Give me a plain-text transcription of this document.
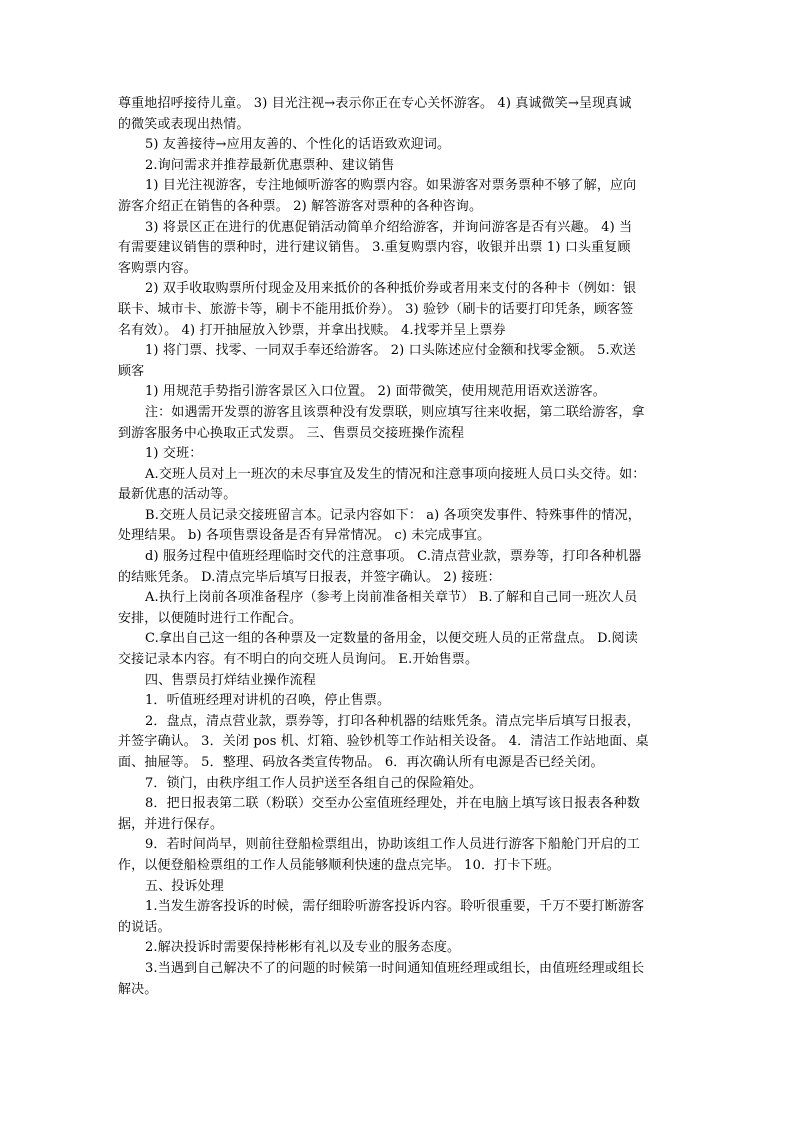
尊重地招呼接待儿童。 3) 目光注视→表示你正在专心关怀游客。 4) 真诚微笑→呈现真诚
的微笑或表现出热情。
5) 友善接待→应用友善的、个性化的话语致欢迎词。
2.询问需求并推荐最新优惠票种、建议销售
1) 目光注视游客，专注地倾听游客的购票内容。如果游客对票务票种不够了解，应向
游客介绍正在销售的各种票。 2) 解答游客对票种的各种咨询。
3) 将景区正在进行的优惠促销活动简单介绍给游客，并询问游客是否有兴趣。 4) 当
有需要建议销售的票种时，进行建议销售。 3.重复购票内容，收银并出票 1) 口头重复顾
客购票内容。
2) 双手收取购票所付现金及用来抵价的各种抵价券或者用来支付的各种卡（例如：银
联卡、城市卡、旅游卡等，刷卡不能用抵价券）。 3) 验钞（刷卡的话要打印凭条，顾客签
名有效）。 4) 打开抽屉放入钞票，并拿出找赎。 4.找零并呈上票券
1) 将门票、找零、一同双手奉还给游客。 2) 口头陈述应付金额和找零金额。 5.欢送
顾客
1) 用规范手势指引游客景区入口位置。 2) 面带微笑，使用规范用语欢送游客。
注：如遇需开发票的游客且该票种没有发票联，则应填写往来收据，第二联给游客，拿
到游客服务中心换取正式发票。 三、售票员交接班操作流程
1) 交班：
A.交班人员对上一班次的未尽事宜及发生的情况和注意事项向接班人员口头交待。如：
最新优惠的活动等。
B.交班人员记录交接班留言本。记录内容如下： a) 各项突发事件、特殊事件的情况，
处理结果。 b) 各项售票设备是否有异常情况。 c) 未完成事宜。
d) 服务过程中值班经理临时交代的注意事项。 C.清点营业款，票券等，打印各种机器
的结账凭条。 D.清点完毕后填写日报表，并签字确认。 2) 接班：
A.执行上岗前各项准备程序（参考上岗前准备相关章节） B.了解和自己同一班次人员
安排，以便随时进行工作配合。
C.拿出自己这一组的各种票及一定数量的备用金，以便交班人员的正常盘点。 D.阅读
交接记录本内容。有不明白的向交班人员询问。 E.开始售票。
四、售票员打烊结业操作流程
1．听值班经理对讲机的召唤，停止售票。
2．盘点，清点营业款，票券等，打印各种机器的结账凭条。清点完毕后填写日报表，
并签字确认。 3．关闭 pos 机、灯箱、验钞机等工作站相关设备。 4．清洁工作站地面、桌
面、抽屉等。 5．整理、码放各类宣传物品。 6．再次确认所有电源是否已经关闭。
7．锁门，由秩序组工作人员护送至各组自己的保险箱处。
8．把日报表第二联（粉联）交至办公室值班经理处，并在电脑上填写该日报表各种数
据，并进行保存。
9．若时间尚早，则前往登船检票组出，协助该组工作人员进行游客下船舱门开启的工
作，以便登船检票组的工作人员能够顺利快速的盘点完毕。 10．打卡下班。
五、投诉处理
1.当发生游客投诉的时候，需仔细聆听游客投诉内容。聆听很重要，千万不要打断游客
的说话。
2.解决投诉时需要保持彬彬有礼以及专业的服务态度。
3.当遇到自己解决不了的问题的时候第一时间通知值班经理或组长，由值班经理或组长
解决。
